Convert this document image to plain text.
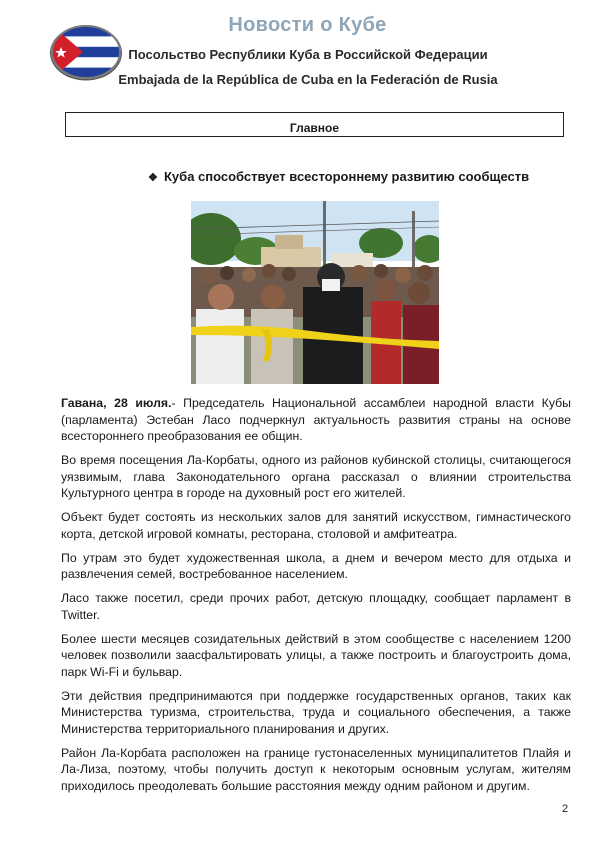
Новости о Кубе
Посольство Республики Куба в Российской Федерации
Embajada de la República de Cuba en la Federación de Rusia
Главное
❖ Куба способствует всестороннему развитию сообществ

Гавана, 28 июля.- Председатель Национальной ассамблеи народной власти Кубы (парламента) Эстебан Ласо подчеркнул актуальность развития страны на основе всестороннего преобразования ее общин.

Во время посещения Ла-Корбаты, одного из районов кубинской столицы, считающегося уязвимым, глава Законодательного органа рассказал о влиянии строительства Культурного центра в городе на духовный рост его жителей.

Объект будет состоять из нескольких залов для занятий искусством, гимнастического корта, детской игровой комнаты, ресторана, столовой и амфитеатра.

По утрам это будет художественная школа, а днем и вечером место для отдыха и развлечения семей, востребованное населением.

Ласо также посетил, среди прочих работ, детскую площадку, сообщает парламент в Twitter.

Более шести месяцев созидательных действий в этом сообществе с населением 1200 человек позволили заасфальтировать улицы, а также построить и благоустроить дома, парк Wi-Fi и бульвар.

Эти действия предпринимаются при поддержке государственных органов, таких как Министерства туризма, строительства, труда и социального обеспечения, а также Министерства территориального планирования и других.

Район Ла-Корбата расположен на границе густонаселенных муниципалитетов Плайя и Ла-Лиза, поэтому, чтобы получить доступ к некоторым основным услугам, жителям приходилось преодолевать большие расстояния между одним районом и другим.

2
